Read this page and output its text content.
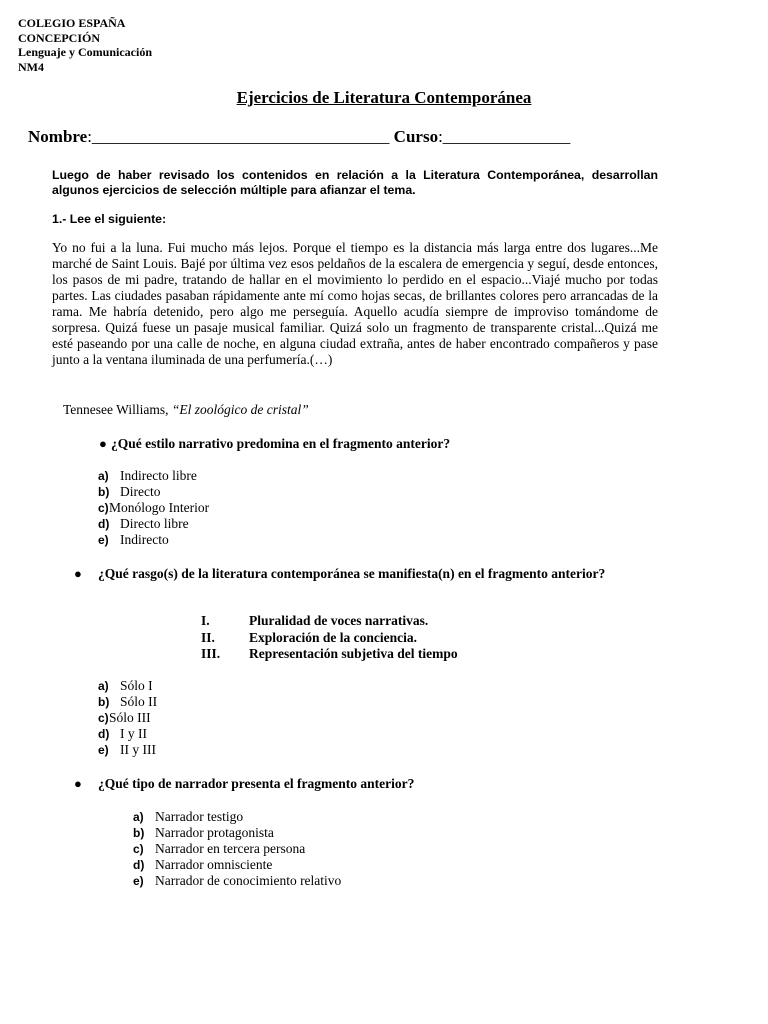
COLEGIO ESPAÑA
CONCEPCIÓN
Lenguaje y Comunicación
NM4
Ejercicios de Literatura Contemporánea
Nombre:___________________________________ Curso:_______________
Luego de haber revisado los contenidos en relación a la Literatura Contemporánea, desarrollan algunos ejercicios de selección múltiple para afianzar el tema.
1.- Lee el siguiente:
Yo no fui a la luna. Fui mucho más lejos. Porque el tiempo es la distancia más larga entre dos lugares...Me marché de Saint Louis. Bajé por última vez esos peldaños de la escalera de emergencia y seguí, desde entonces, los pasos de mi padre, tratando de hallar en el movimiento lo perdido en el espacio...Viajé mucho por todas partes. Las ciudades pasaban rápidamente ante mí como hojas secas, de brillantes colores pero arrancadas de la rama. Me habría detenido, pero algo me perseguía. Aquello acudía siempre de improviso tomándome de sorpresa. Quizá fuese un pasaje musical familiar. Quizá solo un fragmento de transparente cristal...Quizá me esté paseando por una calle de noche, en alguna ciudad extraña, antes de haber encontrado compañeros y pase junto a la ventana iluminada de una perfumería.(…)
Tennesee Williams, “El zoológico de cristal”
● ¿Qué estilo narrativo predomina en el fragmento anterior?
a) Indirecto libre
b) Directo
c)Monólogo Interior
d) Directo libre
e) Indirecto
● ¿Qué rasgo(s) de la literatura contemporánea se manifiesta(n) en el fragmento anterior?
I.	Pluralidad de voces narrativas.
II.	Exploración de la conciencia.
III. Representación subjetiva del tiempo
a) Sólo I
b) Sólo II
c)Sólo III
d) I y II
e) II y III
● ¿Qué tipo de narrador presenta el fragmento anterior?
a) Narrador testigo
b) Narrador protagonista
c) Narrador en tercera persona
d) Narrador omnisciente
e) Narrador de conocimiento relativo
